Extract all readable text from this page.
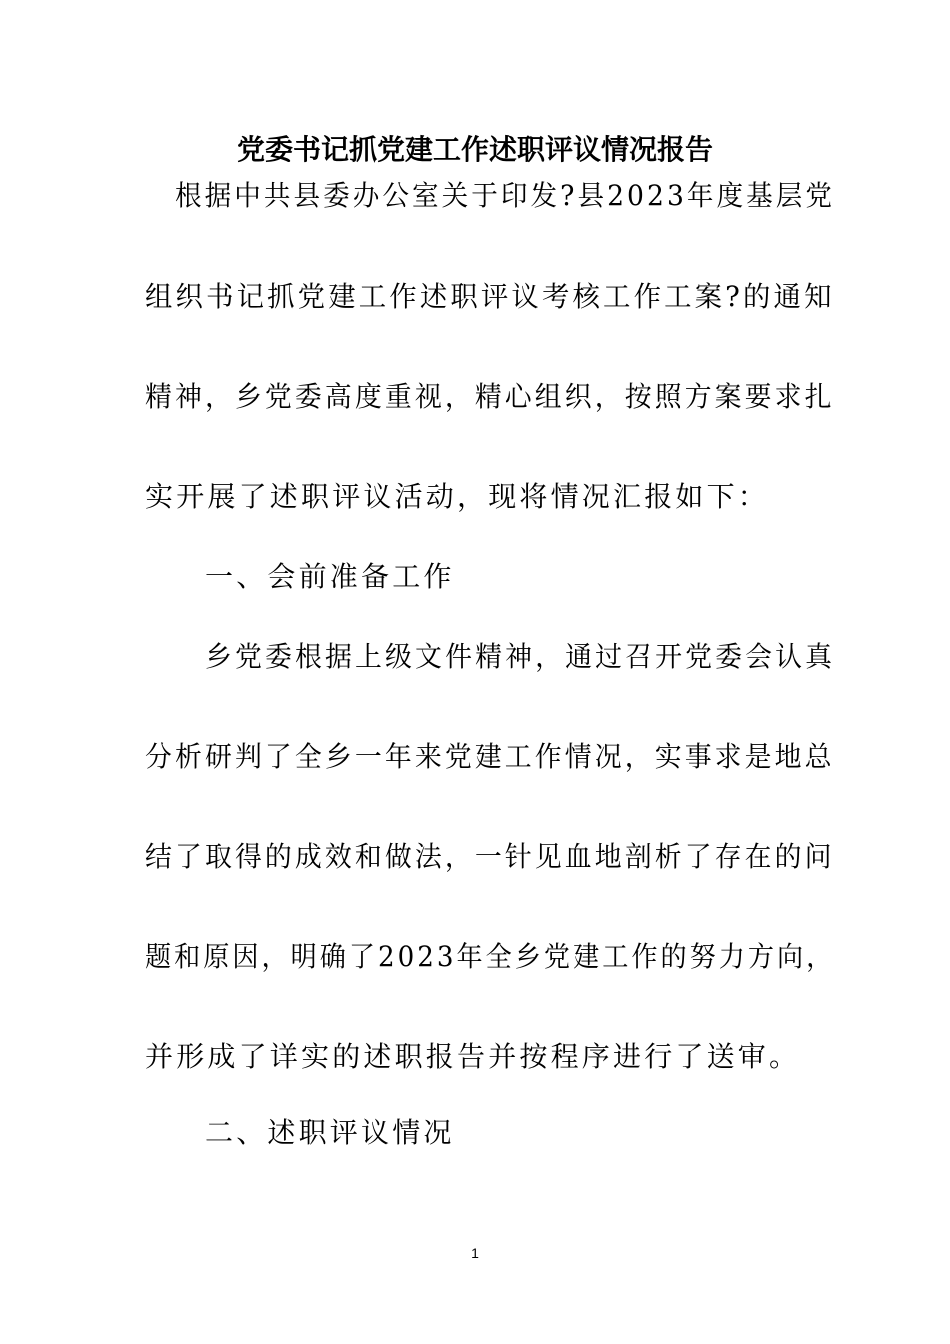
党委书记抓党建工作述职评议情况报告
根据中共县委办公室关于印发?县2023年度基层党
组织书记抓党建工作述职评议考核工作工案?的通知
精神，乡党委高度重视，精心组织，按照方案要求扎
实开展了述职评议活动，现将情况汇报如下：
一、会前准备工作
乡党委根据上级文件精神，通过召开党委会认真
分析研判了全乡一年来党建工作情况，实事求是地总
结了取得的成效和做法，一针见血地剖析了存在的问
题和原因，明确了2023年全乡党建工作的努力方向，
并形成了详实的述职报告并按程序进行了送审。
二、述职评议情况
1
